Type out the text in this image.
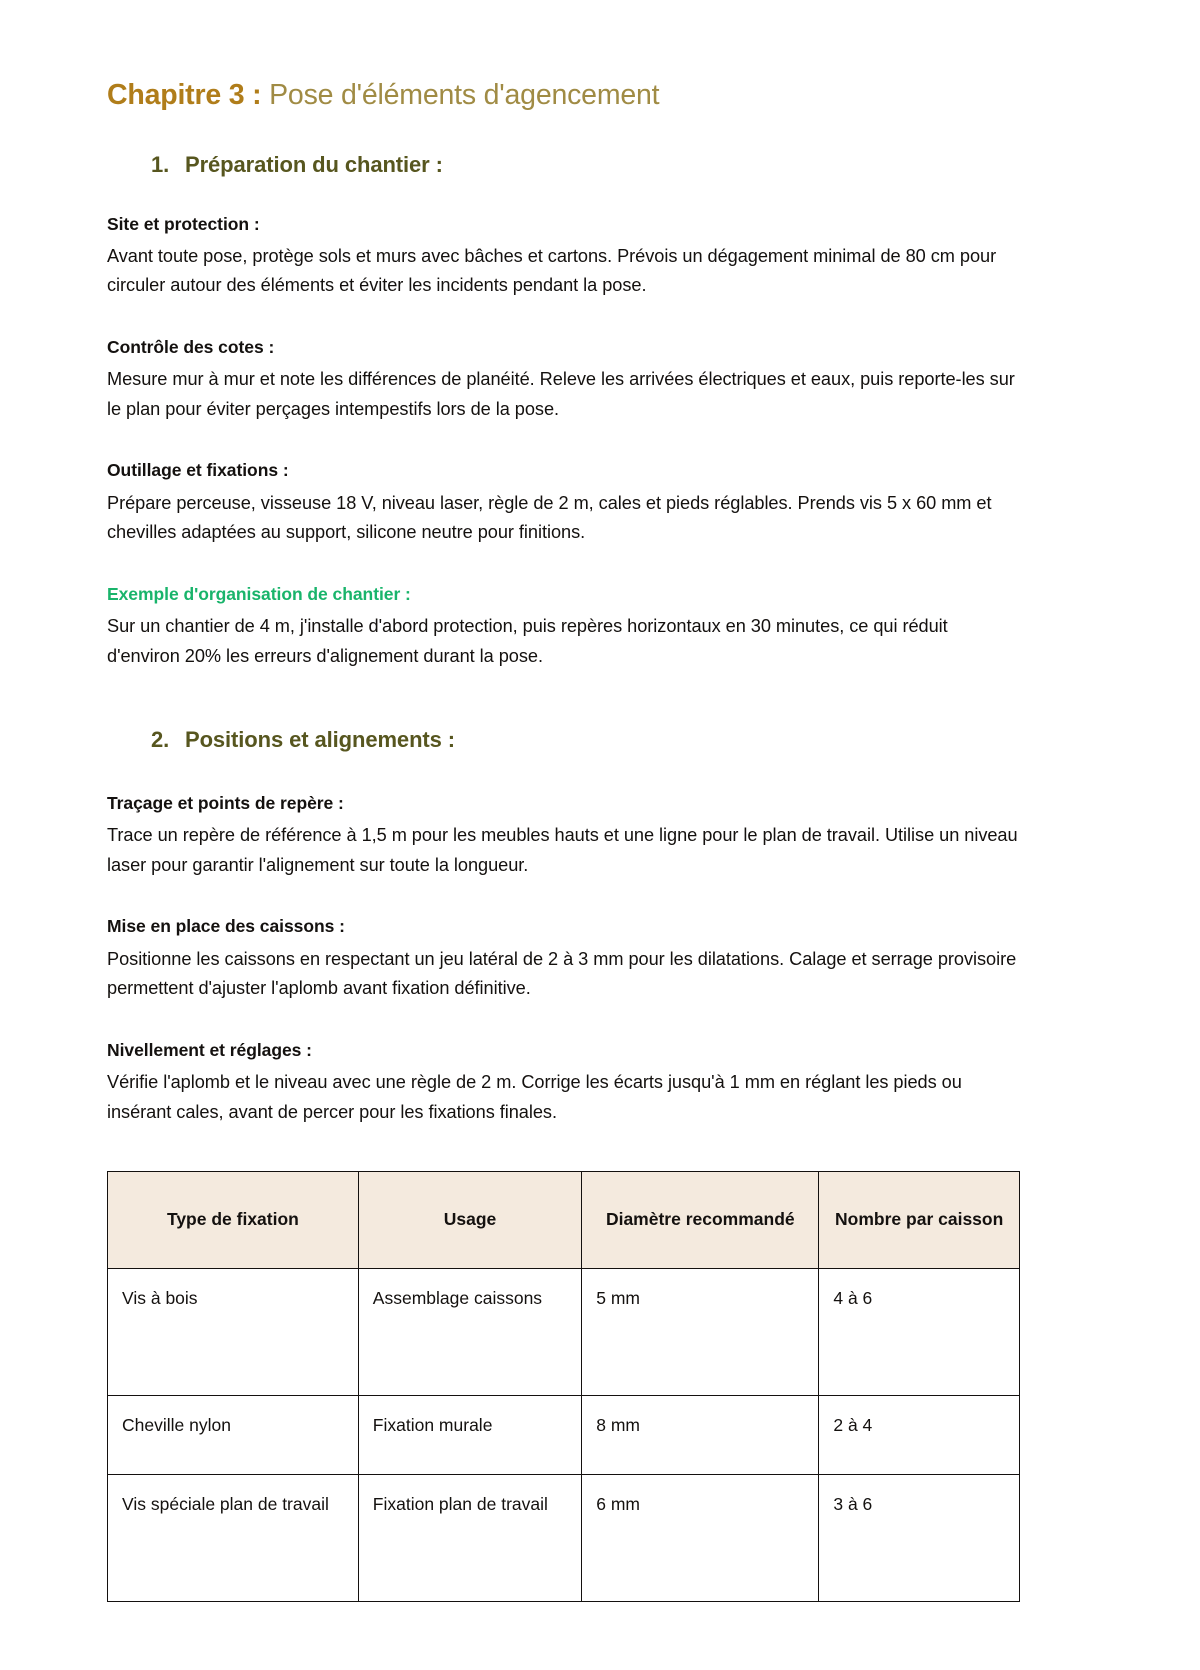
Chapitre 3 : Pose d'éléments d'agencement
1. Préparation du chantier :

Site et protection :

Avant toute pose, protège sols et murs avec bâches et cartons. Prévois un dégagement minimal de 80 cm pour circuler autour des éléments et éviter les incidents pendant la pose.

Contrôle des cotes :

Mesure mur à mur et note les différences de planéité. Releve les arrivées électriques et eaux, puis reporte-les sur le plan pour éviter perçages intempestifs lors de la pose.

Outillage et fixations :

Prépare perceuse, visseuse 18 V, niveau laser, règle de 2 m, cales et pieds réglables. Prends vis 5 x 60 mm et chevilles adaptées au support, silicone neutre pour finitions.

Exemple d'organisation de chantier :

Sur un chantier de 4 m, j'installe d'abord protection, puis repères horizontaux en 30 minutes, ce qui réduit d'environ 20% les erreurs d'alignement durant la pose.

2. Positions et alignements :

Traçage et points de repère :

Trace un repère de référence à 1,5 m pour les meubles hauts et une ligne pour le plan de travail. Utilise un niveau laser pour garantir l'alignement sur toute la longueur.

Mise en place des caissons :

Positionne les caissons en respectant un jeu latéral de 2 à 3 mm pour les dilatations. Calage et serrage provisoire permettent d'ajuster l'aplomb avant fixation définitive.

Nivellement et réglages :

Vérifie l'aplomb et le niveau avec une règle de 2 m. Corrige les écarts jusqu'à 1 mm en réglant les pieds ou insérant cales, avant de percer pour les fixations finales.

Type de fixation	Usage	Diamètre recommandé	Nombre par caisson
Vis à bois	Assemblage caissons	5 mm	4 à 6
Cheville nylon	Fixation murale	8 mm	2 à 4
Vis spéciale plan de travail	Fixation plan de travail	6 mm	3 à 6
